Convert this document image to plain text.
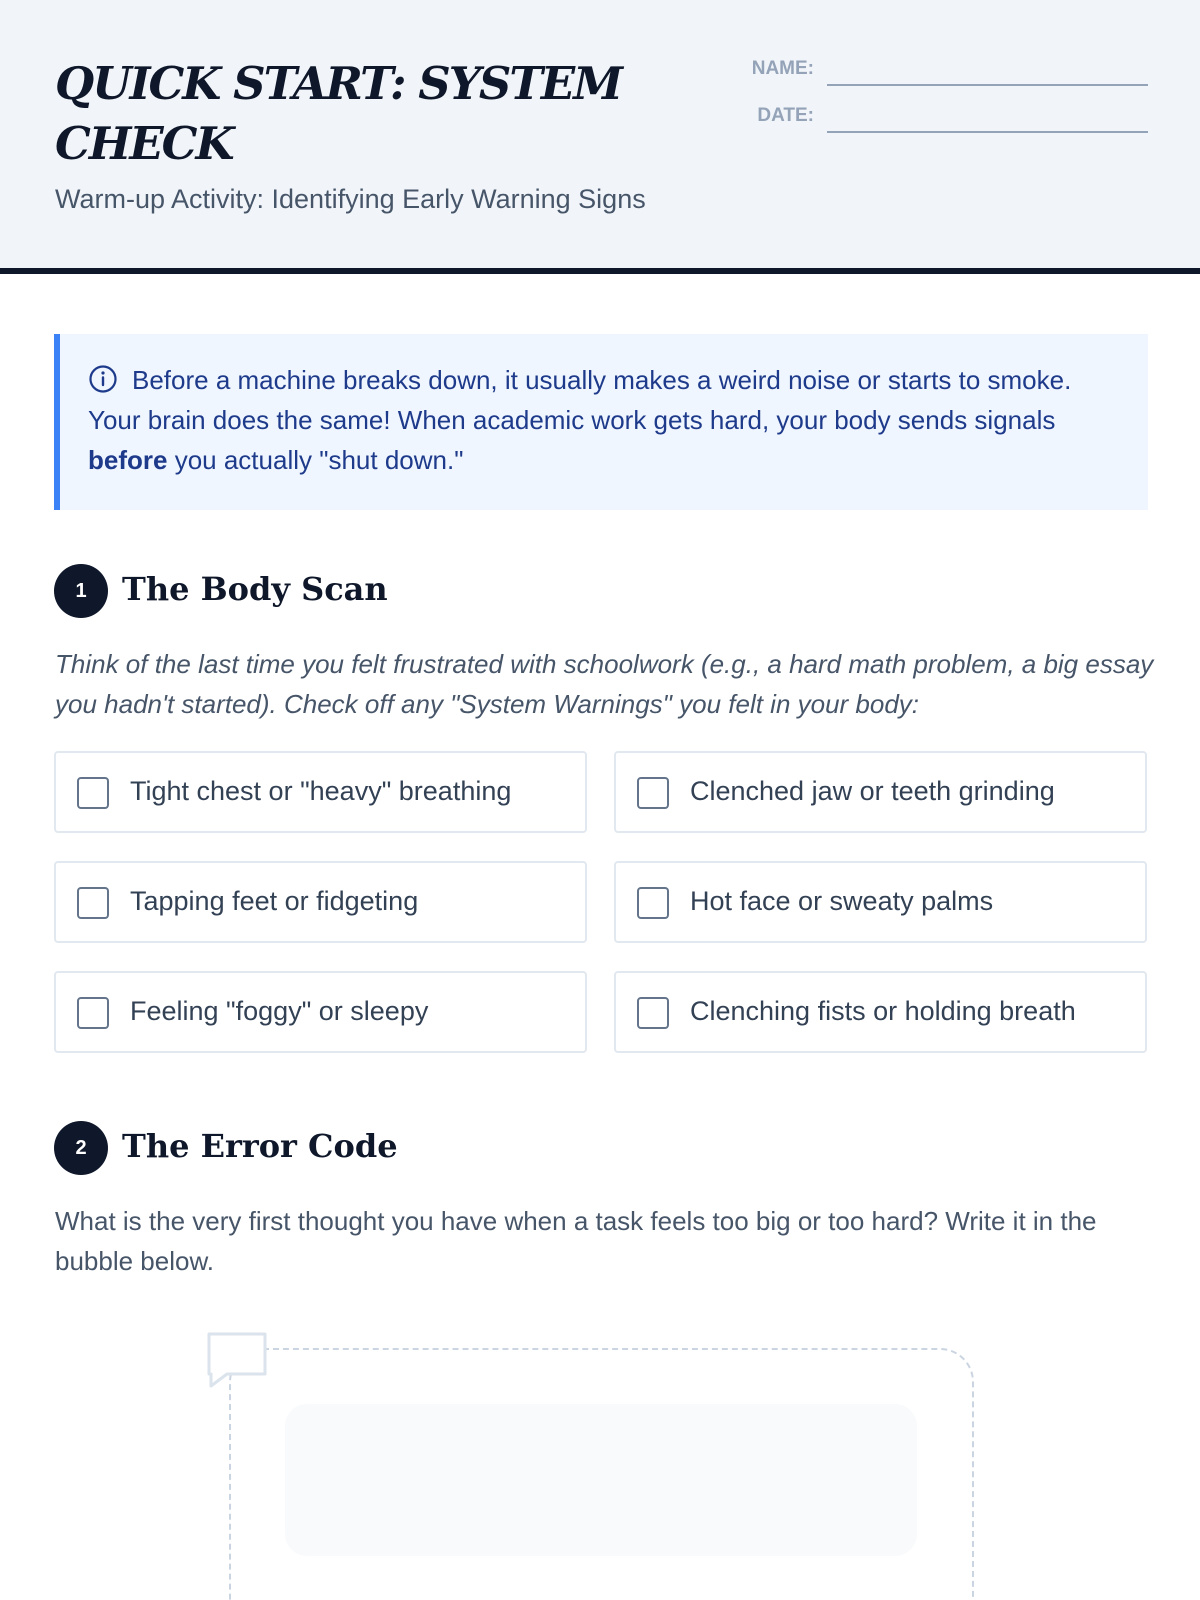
QUICK START: SYSTEM CHECK
Warm-up Activity: Identifying Early Warning Signs
NAME:
DATE:
Before a machine breaks down, it usually makes a weird noise or starts to smoke. Your brain does the same! When academic work gets hard, your body sends signals before you actually "shut down."
1	The Body Scan
Think of the last time you felt frustrated with schoolwork (e.g., a hard math problem, a big essay you hadn't started). Check off any "System Warnings" you felt in your body:
Tight chest or "heavy" breathing	Clenched jaw or teeth grinding
Tapping feet or fidgeting	Hot face or sweaty palms
Feeling "foggy" or sleepy	Clenching fists or holding breath
2	The Error Code
What is the very first thought you have when a task feels too big or too hard? Write it in the bubble below.
